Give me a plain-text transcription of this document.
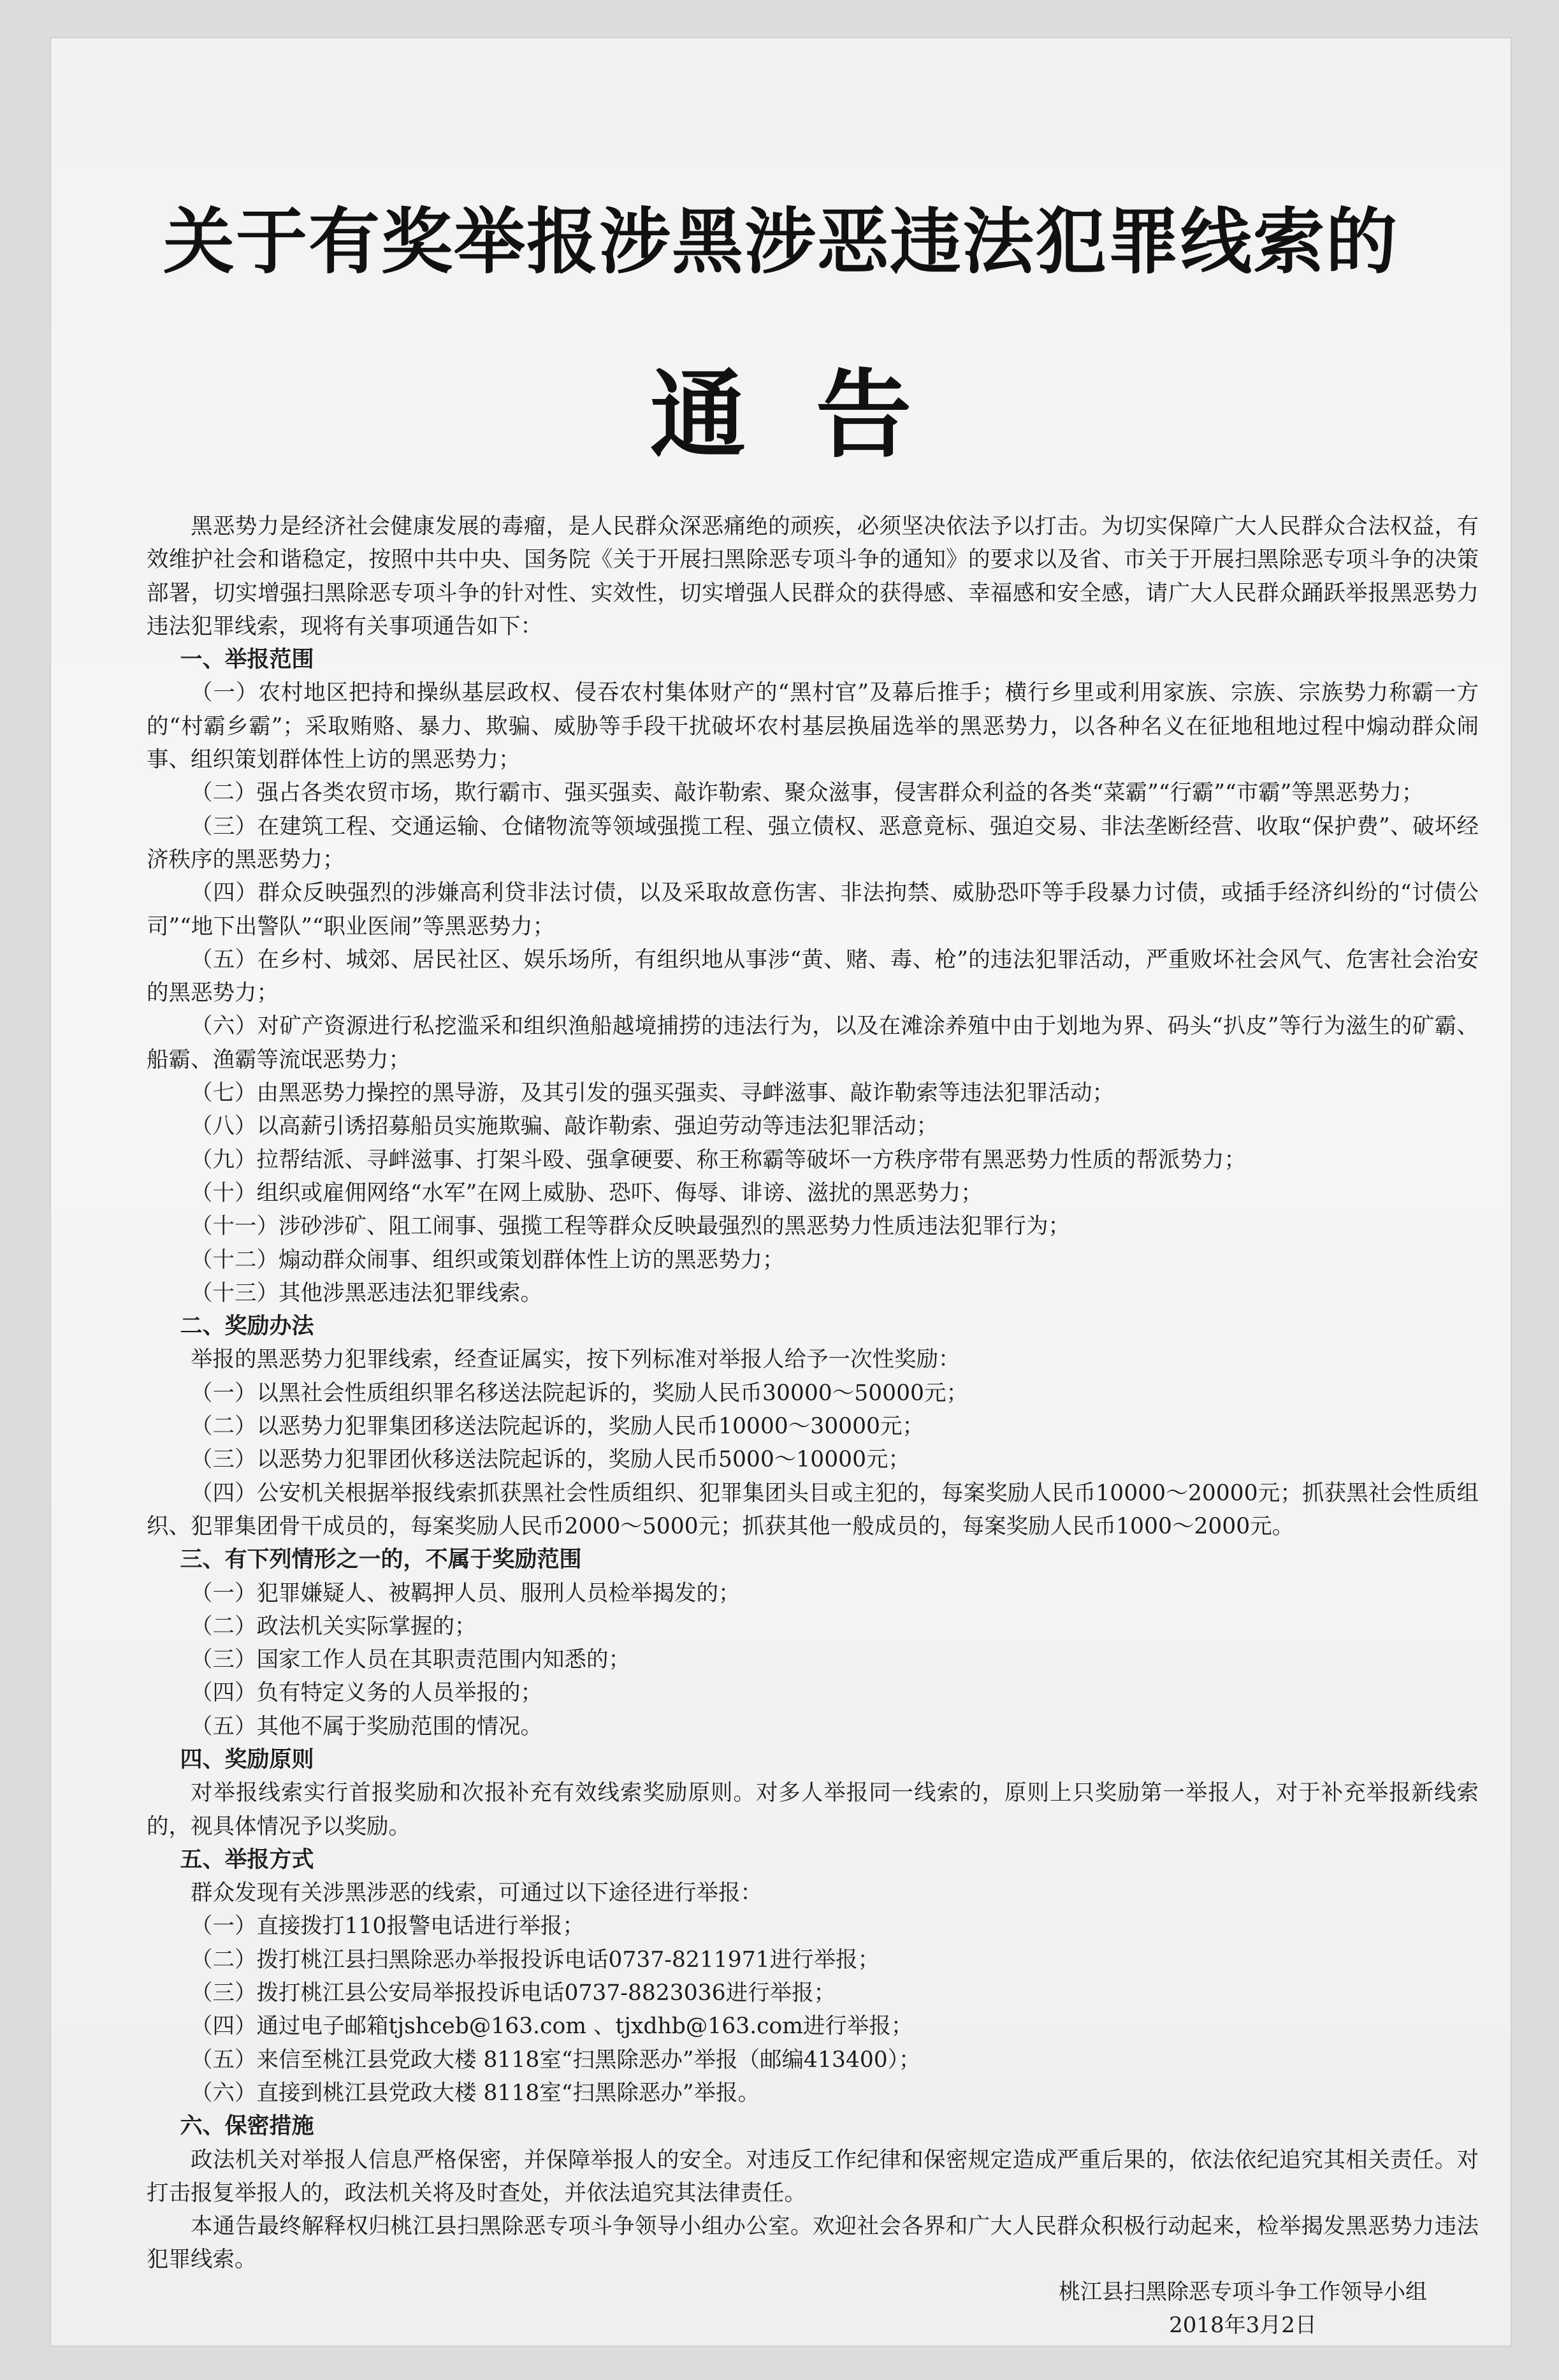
关于有奖举报涉黑涉恶违法犯罪线索的
通告

黑恶势力是经济社会健康发展的毒瘤，是人民群众深恶痛绝的顽疾，必须坚决依法予以打击。为切实保障广大人民群众合法权益，有效维护社会和谐稳定，按照中共中央、国务院《关于开展扫黑除恶专项斗争的通知》的要求以及省、市关于开展扫黑除恶专项斗争的决策部署，切实增强扫黑除恶专项斗争的针对性、实效性，切实增强人民群众的获得感、幸福感和安全感，请广大人民群众踊跃举报黑恶势力违法犯罪线索，现将有关事项通告如下：

一、举报范围

（一）农村地区把持和操纵基层政权、侵吞农村集体财产的“黑村官”及幕后推手；横行乡里或利用家族、宗族、宗族势力称霸一方的“村霸乡霸”；采取贿赂、暴力、欺骗、威胁等手段干扰破坏农村基层换届选举的黑恶势力，以各种名义在征地租地过程中煽动群众闹事、组织策划群体性上访的黑恶势力；

（二）强占各类农贸市场，欺行霸市、强买强卖、敲诈勒索、聚众滋事，侵害群众利益的各类“菜霸”“行霸”“市霸”等黑恶势力；

（三）在建筑工程、交通运输、仓储物流等领域强揽工程、强立债权、恶意竟标、强迫交易、非法垄断经营、收取“保护费”、破坏经济秩序的黑恶势力；

（四）群众反映强烈的涉嫌高利贷非法讨债，以及采取故意伤害、非法拘禁、威胁恐吓等手段暴力讨债，或插手经济纠纷的“讨债公司”“地下出警队”“职业医闹”等黑恶势力；

（五）在乡村、城郊、居民社区、娱乐场所，有组织地从事涉“黄、赌、毒、枪”的违法犯罪活动，严重败坏社会风气、危害社会治安的黑恶势力；

（六）对矿产资源进行私挖滥采和组织渔船越境捕捞的违法行为，以及在滩涂养殖中由于划地为界、码头“扒皮”等行为滋生的矿霸、船霸、渔霸等流氓恶势力；

（七）由黑恶势力操控的黑导游，及其引发的强买强卖、寻衅滋事、敲诈勒索等违法犯罪活动；

（八）以高薪引诱招募船员实施欺骗、敲诈勒索、强迫劳动等违法犯罪活动；

（九）拉帮结派、寻衅滋事、打架斗殴、强拿硬要、称王称霸等破坏一方秩序带有黑恶势力性质的帮派势力；

（十）组织或雇佣网络“水军”在网上威胁、恐吓、侮辱、诽谤、滋扰的黑恶势力；

（十一）涉砂涉矿、阻工闹事、强揽工程等群众反映最强烈的黑恶势力性质违法犯罪行为；

（十二）煽动群众闹事、组织或策划群体性上访的黑恶势力；

（十三）其他涉黑恶违法犯罪线索。

二、奖励办法

举报的黑恶势力犯罪线索，经查证属实，按下列标准对举报人给予一次性奖励：

（一）以黑社会性质组织罪名移送法院起诉的，奖励人民币30000～50000元；

（二）以恶势力犯罪集团移送法院起诉的，奖励人民币10000～30000元；

（三）以恶势力犯罪团伙移送法院起诉的，奖励人民币5000～10000元；

（四）公安机关根据举报线索抓获黑社会性质组织、犯罪集团头目或主犯的，每案奖励人民币10000～20000元；抓获黑社会性质组织、犯罪集团骨干成员的，每案奖励人民币2000～5000元；抓获其他一般成员的，每案奖励人民币1000～2000元。

三、有下列情形之一的，不属于奖励范围

（一）犯罪嫌疑人、被羁押人员、服刑人员检举揭发的；

（二）政法机关实际掌握的；

（三）国家工作人员在其职责范围内知悉的；

（四）负有特定义务的人员举报的；

（五）其他不属于奖励范围的情况。

四、奖励原则

对举报线索实行首报奖励和次报补充有效线索奖励原则。对多人举报同一线索的，原则上只奖励第一举报人，对于补充举报新线索的，视具体情况予以奖励。

五、举报方式

群众发现有关涉黑涉恶的线索，可通过以下途径进行举报：

（一）直接拨打110报警电话进行举报；

（二）拨打桃江县扫黑除恶办举报投诉电话0737-8211971进行举报；

（三）拨打桃江县公安局举报投诉电话0737-8823036进行举报；

（四）通过电子邮箱tjshceb@163.com 、tjxdhb@163.com进行举报；

（五）来信至桃江县党政大楼 8118室“扫黑除恶办”举报（邮编413400）；

（六）直接到桃江县党政大楼 8118室“扫黑除恶办”举报。

六、保密措施

政法机关对举报人信息严格保密，并保障举报人的安全。对违反工作纪律和保密规定造成严重后果的，依法依纪追究其相关责任。对打击报复举报人的，政法机关将及时查处，并依法追究其法律责任。

本通告最终解释权归桃江县扫黑除恶专项斗争领导小组办公室。欢迎社会各界和广大人民群众积极行动起来，检举揭发黑恶势力违法犯罪线索。

桃江县扫黑除恶专项斗争工作领导小组
2018年3月2日
